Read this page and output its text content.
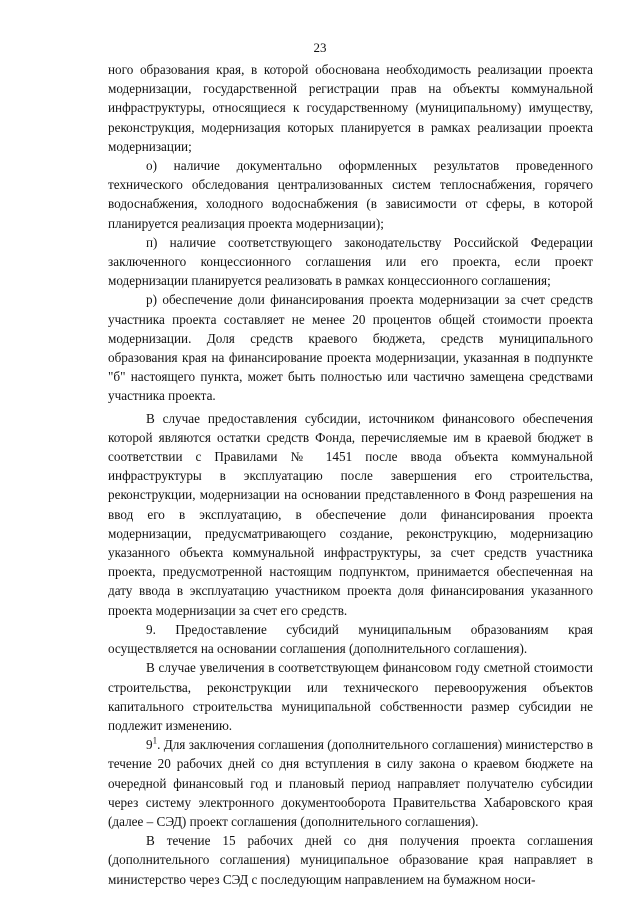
23

ного образования края, в которой обоснована необходимость реализации проекта модернизации, государственной регистрации прав на объекты коммунальной инфраструктуры, относящиеся к государственному (муниципальному) имуществу, реконструкция, модернизация которых планируется в рамках реализации проекта модернизации;

о) наличие документально оформленных результатов проведенного технического обследования централизованных систем теплоснабжения, горячего водоснабжения, холодного водоснабжения (в зависимости от сферы, в которой планируется реализация проекта модернизации);

п) наличие соответствующего законодательству Российской Федерации заключенного концессионного соглашения или его проекта, если проект модернизации планируется реализовать в рамках концессионного соглашения;

р) обеспечение доли финансирования проекта модернизации за счет средств участника проекта составляет не менее 20 процентов общей стоимости проекта модернизации. Доля средств краевого бюджета, средств муниципального образования края на финансирование проекта модернизации, указанная в подпункте "б" настоящего пункта, может быть полностью или частично замещена средствами участника проекта.

В случае предоставления субсидии, источником финансового обеспечения которой являются остатки средств Фонда, перечисляемые им в краевой бюджет в соответствии с Правилами № 1451 после ввода объекта коммунальной инфраструктуры в эксплуатацию после завершения его строительства, реконструкции, модернизации на основании представленного в Фонд разрешения на ввод его в эксплуатацию, в обеспечение доли финансирования проекта модернизации, предусматривающего создание, реконструкцию, модернизацию указанного объекта коммунальной инфраструктуры, за счет средств участника проекта, предусмотренной настоящим подпунктом, принимается обеспеченная на дату ввода в эксплуатацию участником проекта доля финансирования указанного проекта модернизации за счет его средств.

9. Предоставление субсидий муниципальным образованиям края осуществляется на основании соглашения (дополнительного соглашения).

В случае увеличения в соответствующем финансовом году сметной стоимости строительства, реконструкции или технического перевооружения объектов капитального строительства муниципальной собственности размер субсидии не подлежит изменению.

$9^1$. Для заключения соглашения (дополнительного соглашения) министерство в течение 20 рабочих дней со дня вступления в силу закона о краевом бюджете на очередной финансовый год и плановый период направляет получателю субсидии через систему электронного документооборота Правительства Хабаровского края (далее – СЭД) проект соглашения (дополнительного соглашения).

В течение 15 рабочих дней со дня получения проекта соглашения (дополнительного соглашения) муниципальное образование края направляет в министерство через СЭД с последующим направлением на бумажном носи-
